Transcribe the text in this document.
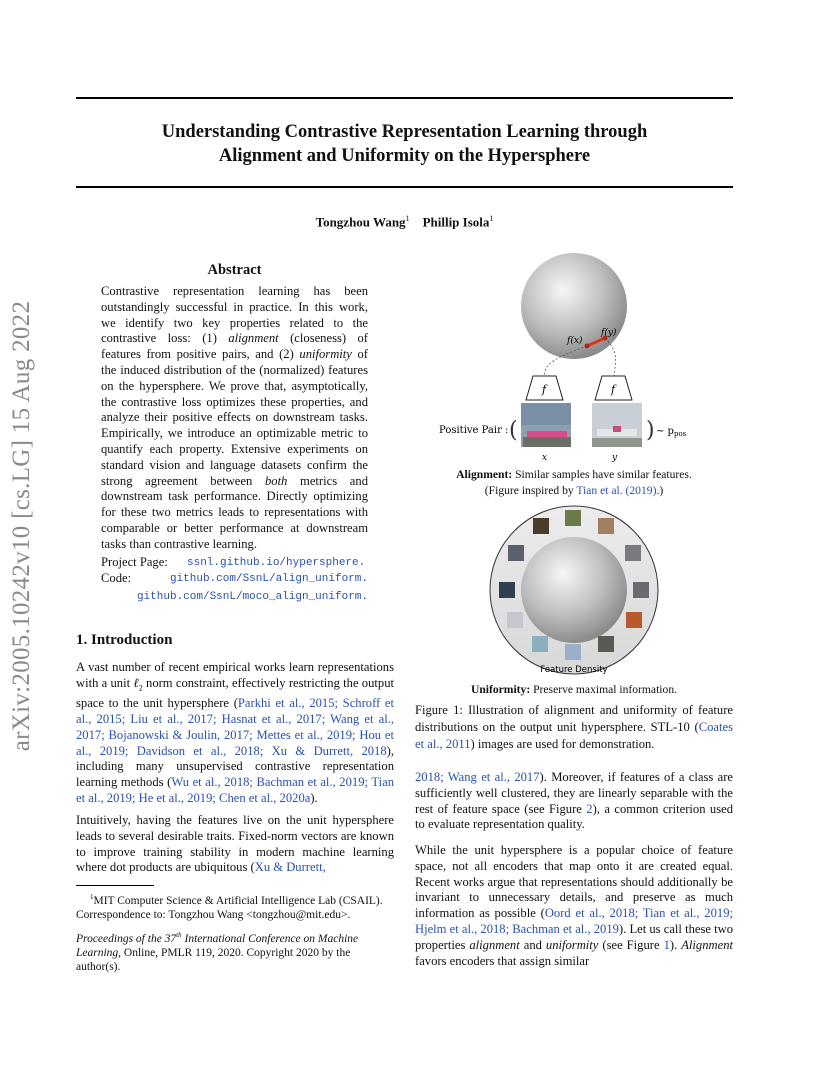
arXiv:2005.10242v10 [cs.LG] 15 Aug 2022
Understanding Contrastive Representation Learning through
Alignment and Uniformity on the Hypersphere
Tongzhou Wang$^1$ Phillip Isola$^1$
Abstract
Contrastive representation learning has been outstandingly successful in practice. In this work, we identify two key properties related to the contrastive loss: (1) alignment (closeness) of features from positive pairs, and (2) uniformity of the induced distribution of the (normalized) features on the hypersphere. We prove that, asymptotically, the contrastive loss optimizes these properties, and analyze their positive effects on downstream tasks. Empirically, we introduce an optimizable metric to quantify each property. Extensive experiments on standard vision and language datasets confirm the strong agreement between both metrics and downstream task performance. Directly optimizing for these two metrics leads to representations with comparable or better performance at downstream tasks than contrastive learning.
Project Page:	ssnl.github.io/hypersphere.
Code:	github.com/SsnL/align_uniform.
github.com/SsnL/moco_align_uniform.
1. Introduction
A vast number of recent empirical works learn representations with a unit ℓ$_2$ norm constraint, effectively restricting the output space to the unit hypersphere (Parkhi et al., 2015; Schroff et al., 2015; Liu et al., 2017; Hasnat et al., 2017; Wang et al., 2017; Bojanowski & Joulin, 2017; Mettes et al., 2019; Hou et al., 2019; Davidson et al., 2018; Xu & Durrett, 2018), including many unsupervised contrastive representation learning methods (Wu et al., 2018; Bachman et al., 2019; Tian et al., 2019; He et al., 2019; Chen et al., 2020a).
Intuitively, having the features live on the unit hypersphere leads to several desirable traits. Fixed-norm vectors are known to improve training stability in modern machine learning where dot products are ubiquitous (Xu & Durrett,
$^1$MIT Computer Science & Artificial Intelligence Lab (CSAIL). Correspondence to: Tongzhou Wang <tongzhou@mit.edu>.
Proceedings of the 37th International Conference on Machine Learning, Online, PMLR 119, 2020. Copyright 2020 by the author(s).
f(x)
f(y)
f	f
Positive Pair : (	) ∼ $p_{pos}$
x	y
Feature Density
Alignment: Similar samples have similar features.
(Figure inspired by Tian et al. (2019).)
Uniformity: Preserve maximal information.
Figure 1: Illustration of alignment and uniformity of feature distributions on the output unit hypersphere. STL-10 (Coates et al., 2011) images are used for demonstration.
2018; Wang et al., 2017). Moreover, if features of a class are sufficiently well clustered, they are linearly separable with the rest of feature space (see Figure 2), a common criterion used to evaluate representation quality.
While the unit hypersphere is a popular choice of feature space, not all encoders that map onto it are created equal. Recent works argue that representations should additionally be invariant to unnecessary details, and preserve as much information as possible (Oord et al., 2018; Tian et al., 2019; Hjelm et al., 2018; Bachman et al., 2019). Let us call these two properties alignment and uniformity (see Figure 1). Alignment favors encoders that assign similar
